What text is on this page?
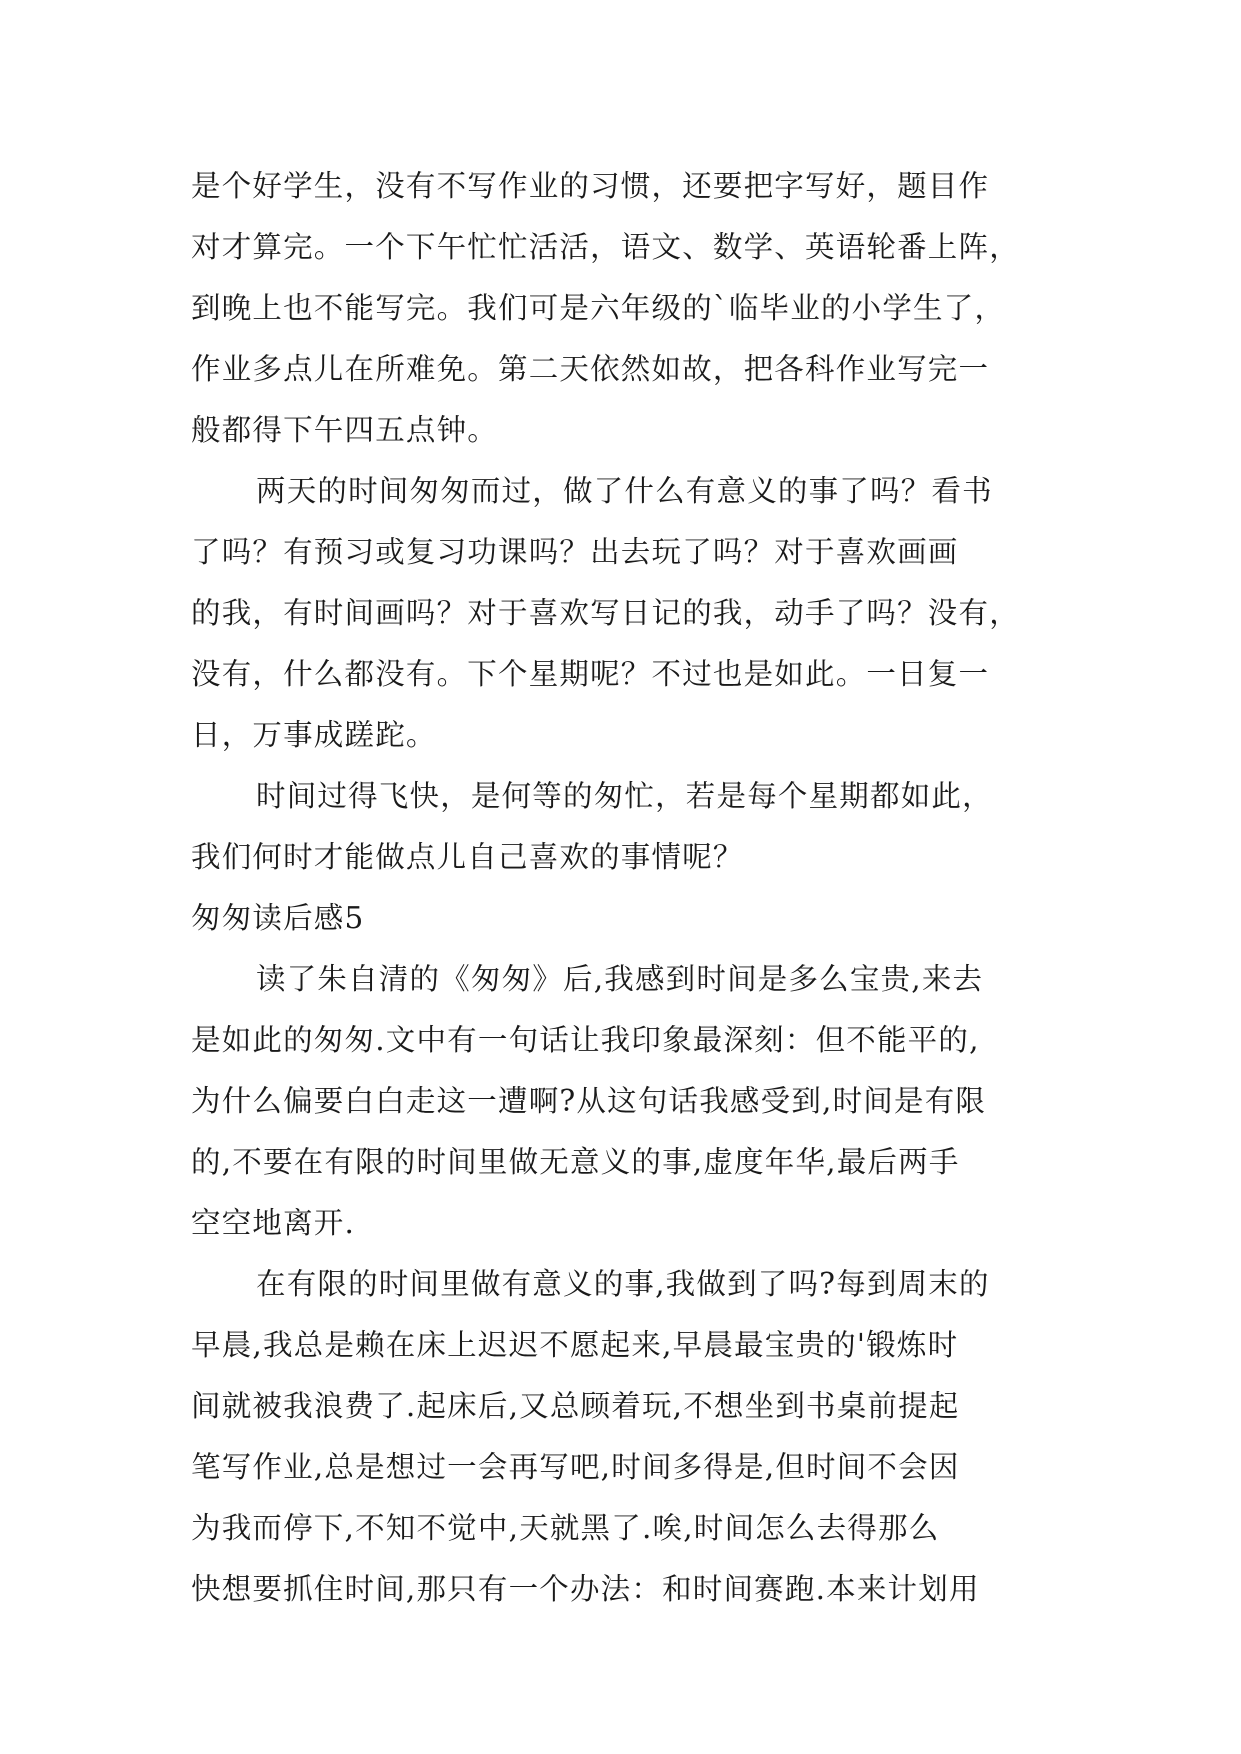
是个好学生，没有不写作业的习惯，还要把字写好，题目作
对才算完。一个下午忙忙活活，语文、数学、英语轮番上阵，
到晚上也不能写完。我们可是六年级的`临毕业的小学生了，
作业多点儿在所难免。第二天依然如故，把各科作业写完一
般都得下午四五点钟。
两天的时间匆匆而过，做了什么有意义的事了吗？看书
了吗？有预习或复习功课吗？出去玩了吗？对于喜欢画画
的我，有时间画吗？对于喜欢写日记的我，动手了吗？没有，
没有，什么都没有。下个星期呢？不过也是如此。一日复一
日，万事成蹉跎。
时间过得飞快，是何等的匆忙，若是每个星期都如此，
我们何时才能做点儿自己喜欢的事情呢？
匆匆读后感5
读了朱自清的《匆匆》后,我感到时间是多么宝贵,来去
是如此的匆匆.文中有一句话让我印象最深刻：但不能平的,
为什么偏要白白走这一遭啊?从这句话我感受到,时间是有限
的,不要在有限的时间里做无意义的事,虚度年华,最后两手
空空地离开.
在有限的时间里做有意义的事,我做到了吗?每到周末的
早晨,我总是赖在床上迟迟不愿起来,早晨最宝贵的'锻炼时
间就被我浪费了.起床后,又总顾着玩,不想坐到书桌前提起
笔写作业,总是想过一会再写吧,时间多得是,但时间不会因
为我而停下,不知不觉中,天就黑了.唉,时间怎么去得那么
快想要抓住时间,那只有一个办法：和时间赛跑.本来计划用
